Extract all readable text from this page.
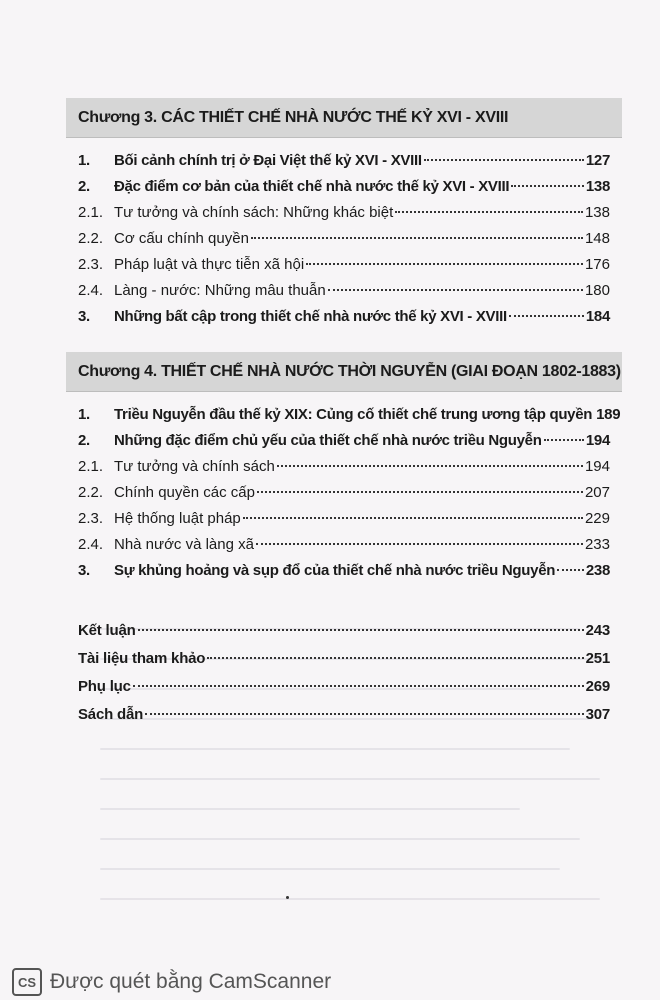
Chương 3. CÁC THIẾT CHẾ NHÀ NƯỚC THẾ KỶ XVI - XVIII
1.	Bối cảnh chính trị ở Đại Việt thế kỷ XVI - XVIII	127
2.	Đặc điểm cơ bản của thiết chế nhà nước thế kỷ XVI - XVIII	138
2.1. Tư tưởng và chính sách: Những khác biệt	138
2.2. Cơ cấu chính quyền	148
2.3. Pháp luật và thực tiễn xã hội	176
2.4. Làng - nước: Những mâu thuẫn	180
3.	Những bất cập trong thiết chế nhà nước thế kỷ XVI - XVIII	184
Chương 4. THIẾT CHẾ NHÀ NƯỚC THỜI NGUYỄN (GIAI ĐOẠN 1802-1883)
1.	Triều Nguyễn đầu thế kỷ XIX: Củng cố thiết chế trung ương tập quyền 189
2.	Những đặc điểm chủ yếu của thiết chế nhà nước triều Nguyễn	194
2.1. Tư tưởng và chính sách	194
2.2. Chính quyền các cấp	207
2.3. Hệ thống luật pháp	229
2.4. Nhà nước và làng xã	233
3.	Sự khủng hoảng và sụp đổ của thiết chế nhà nước triều Nguyễn 238
Kết luận	243
Tài liệu tham khảo	251
Phụ lục	269
Sách dẫn	307
CS Được quét bằng CamScanner
